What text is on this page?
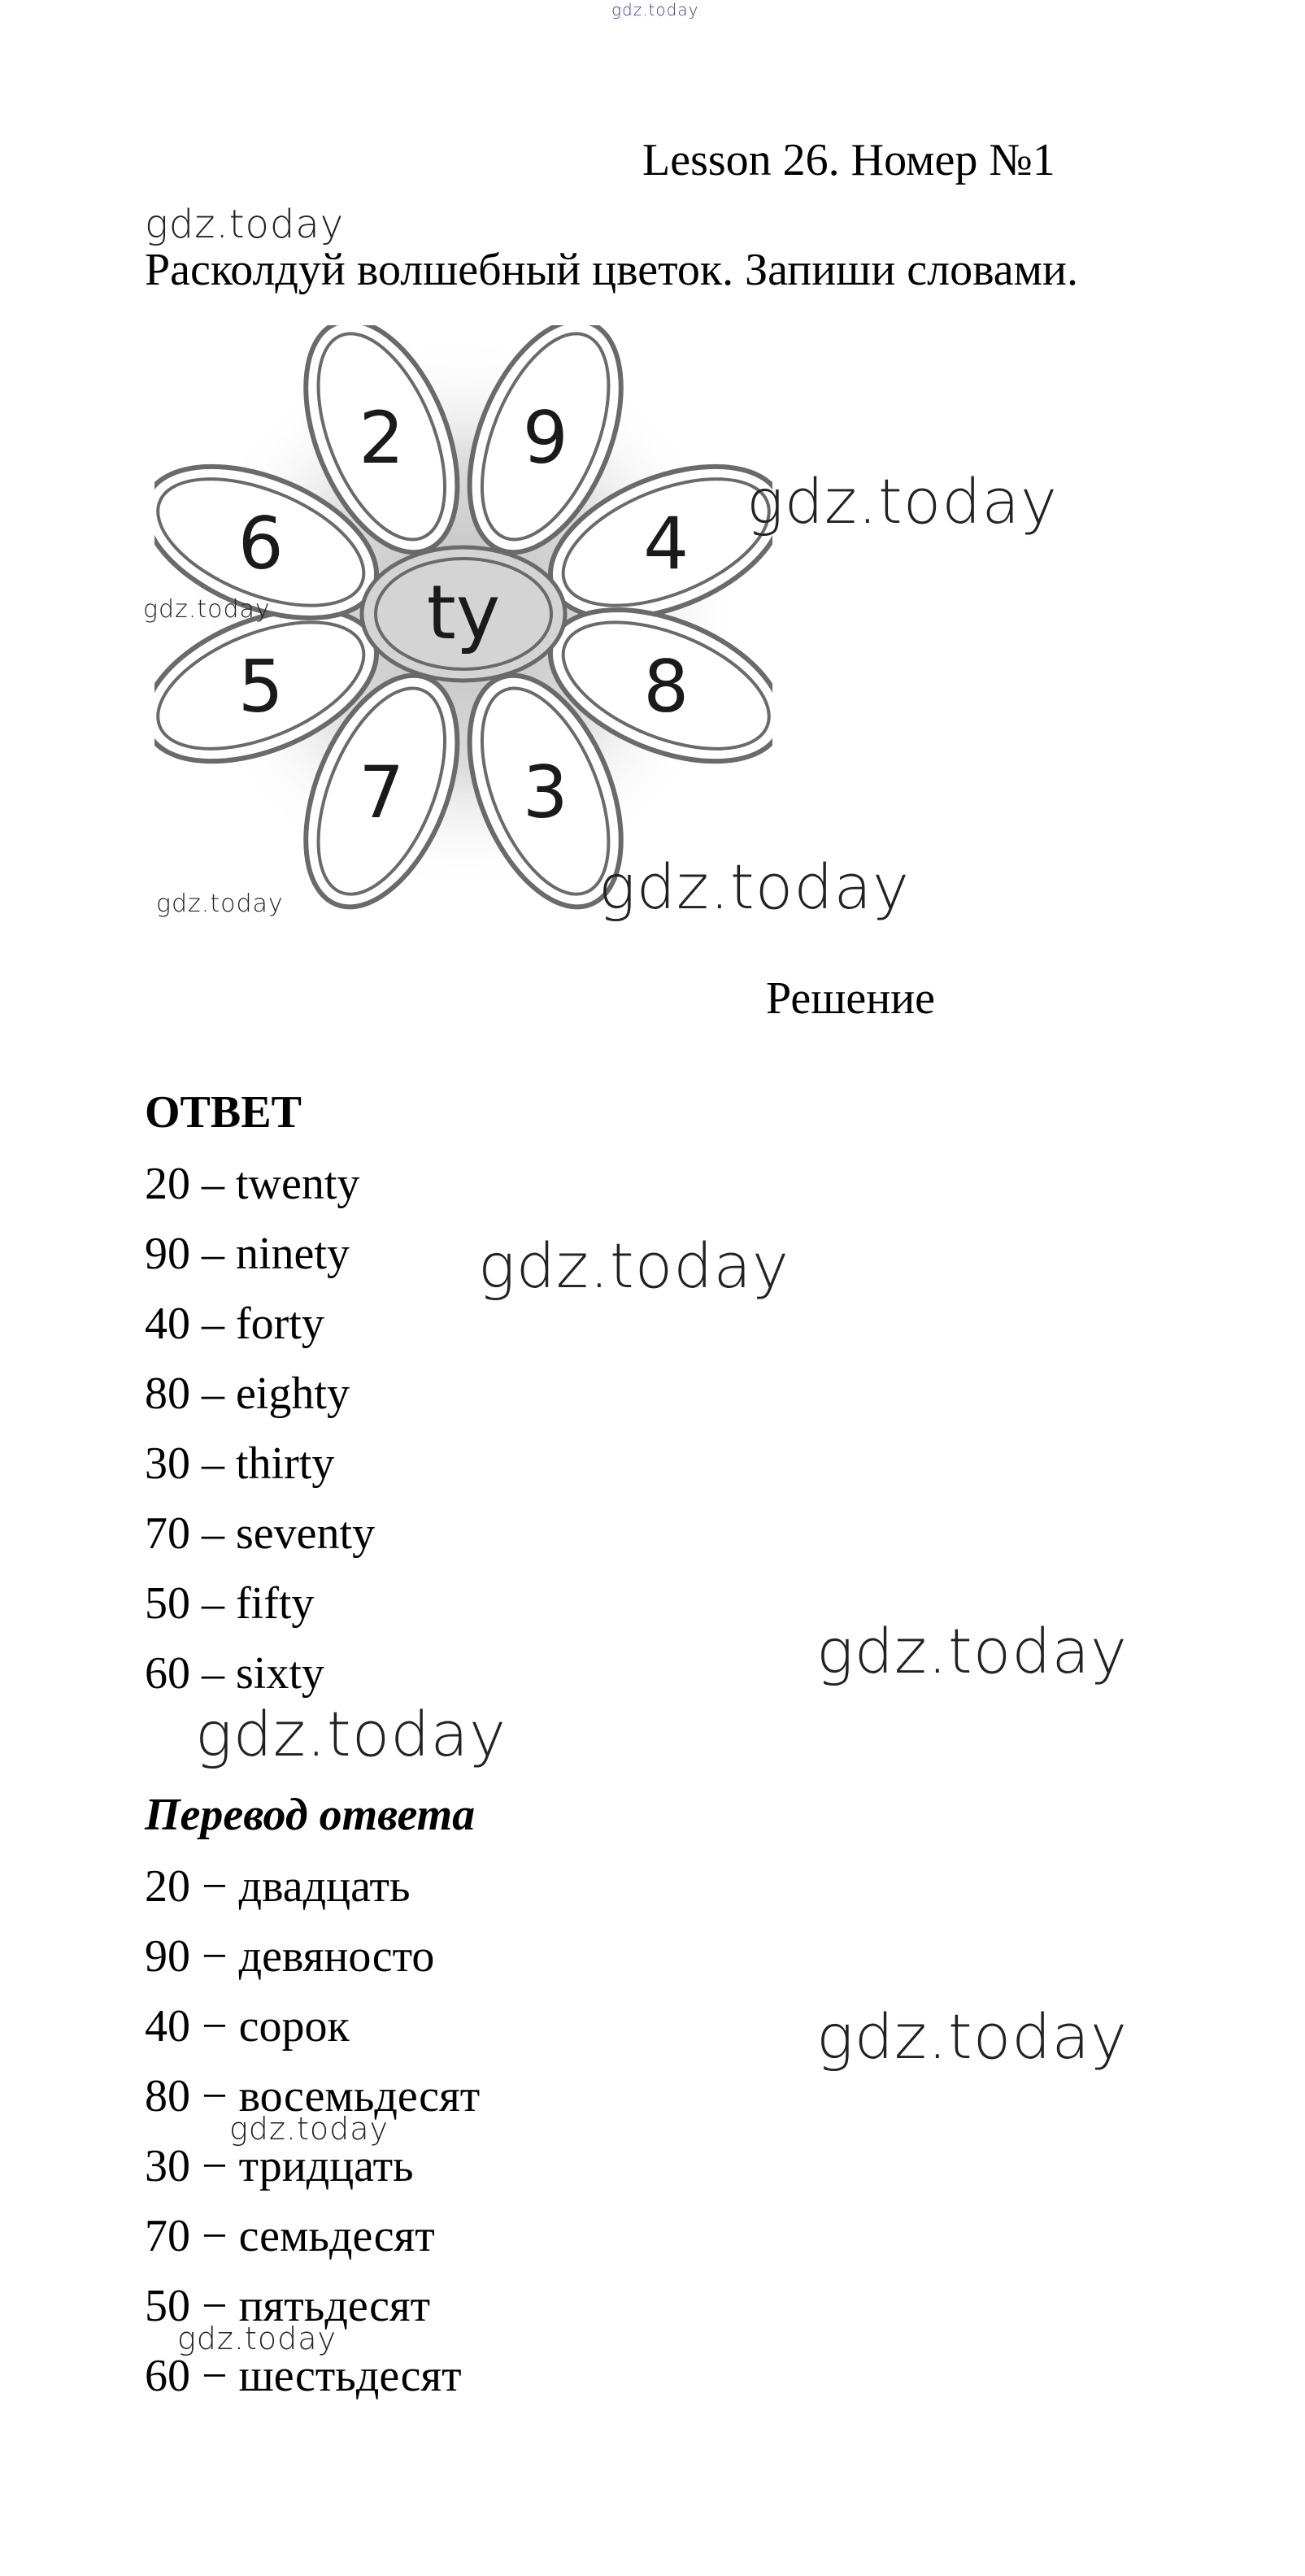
gdz.today
Lesson 26. Номер №1
gdz.today
Расколдуй волшебный цветок. Запиши словами.
2 9
4
8
3
7
5
6
ty
gdz.today
gdz.today
gdz.today
gdz.today
Решение
ОТВЕТ
20 – twenty
90 – ninety
40 – forty
80 – eighty
30 – thirty
70 – seventy
50 – fifty
60 – sixty
gdz.today
gdz.today
gdz.today
Перевод ответа
20 − двадцать
90 − девяносто
40 − сорок
80 − восемьдесят
30 − тридцать
70 − семьдесят
50 − пятьдесят
60 − шестьдесят
gdz.today
gdz.today
gdz.today
